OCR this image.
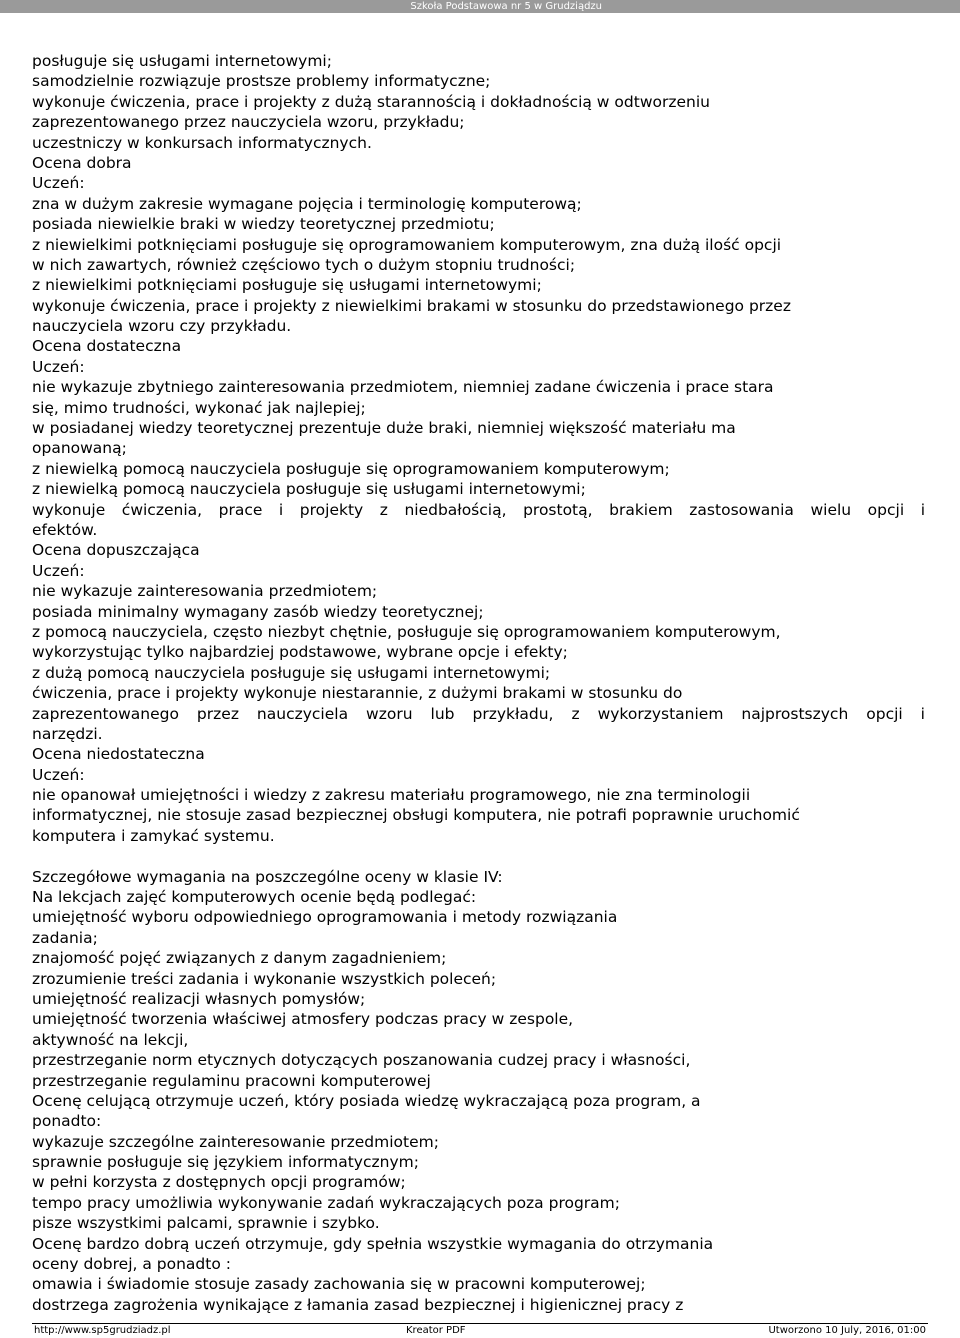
Szkoła Podstawowa nr 5 w Grudziądzu
posługuje się usługami internetowymi;
samodzielnie rozwiązuje prostsze problemy informatyczne;
wykonuje ćwiczenia, prace i projekty z dużą starannością i dokładnością w odtworzeniu
zaprezentowanego przez nauczyciela wzoru, przykładu;
uczestniczy w konkursach informatycznych.
Ocena dobra
Uczeń:
zna w dużym zakresie wymagane pojęcia i terminologię komputerową;
posiada niewielkie braki w wiedzy teoretycznej przedmiotu;
z niewielkimi potknięciami posługuje się oprogramowaniem komputerowym, zna dużą ilość opcji
w nich zawartych, również częściowo tych o dużym stopniu trudności;
z niewielkimi potknięciami posługuje się usługami internetowymi;
wykonuje ćwiczenia, prace i projekty z niewielkimi brakami w stosunku do przedstawionego przez
nauczyciela wzoru czy przykładu.
Ocena dostateczna
Uczeń:
nie wykazuje zbytniego zainteresowania przedmiotem, niemniej zadane ćwiczenia i prace stara
się, mimo trudności, wykonać jak najlepiej;
w posiadanej wiedzy teoretycznej prezentuje duże braki, niemniej większość materiału ma
opanowaną;
z niewielką pomocą nauczyciela posługuje się oprogramowaniem komputerowym;
z niewielką pomocą nauczyciela posługuje się usługami internetowymi;
wykonuje ćwiczenia, prace i projekty z niedbałością, prostotą, brakiem zastosowania wielu opcji i
efektów.
Ocena dopuszczająca
Uczeń:
nie wykazuje zainteresowania przedmiotem;
posiada minimalny wymagany zasób wiedzy teoretycznej;
z pomocą nauczyciela, często niezbyt chętnie, posługuje się oprogramowaniem komputerowym,
wykorzystując tylko najbardziej podstawowe, wybrane opcje i efekty;
z dużą pomocą nauczyciela posługuje się usługami internetowymi;
ćwiczenia, prace i projekty wykonuje niestarannie, z dużymi brakami w stosunku do
zaprezentowanego przez nauczyciela wzoru lub przykładu, z wykorzystaniem najprostszych opcji i
narzędzi.
Ocena niedostateczna
Uczeń:
nie opanował umiejętności i wiedzy z zakresu materiału programowego, nie zna terminologii
informatycznej, nie stosuje zasad bezpiecznej obsługi komputera, nie potrafi poprawnie uruchomić
komputera i zamykać systemu.
Szczegółowe wymagania na poszczególne oceny w klasie IV:
Na lekcjach zajęć komputerowych ocenie będą podlegać:
umiejętność wyboru odpowiedniego oprogramowania i metody rozwiązania
zadania;
znajomość pojęć związanych z danym zagadnieniem;
zrozumienie treści zadania i wykonanie wszystkich poleceń;
umiejętność realizacji własnych pomysłów;
umiejętność tworzenia właściwej atmosfery podczas pracy w zespole,
aktywność na lekcji,
przestrzeganie norm etycznych dotyczących poszanowania cudzej pracy i własności,
przestrzeganie regulaminu pracowni komputerowej
Ocenę celującą otrzymuje uczeń, który posiada wiedzę wykraczającą poza program, a
ponadto:
wykazuje szczególne zainteresowanie przedmiotem;
sprawnie posługuje się językiem informatycznym;
w pełni korzysta z dostępnych opcji programów;
tempo pracy umożliwia wykonywanie zadań wykraczających poza program;
pisze wszystkimi palcami, sprawnie i szybko.
Ocenę bardzo dobrą uczeń otrzymuje, gdy spełnia wszystkie wymagania do otrzymania
oceny dobrej, a ponadto :
omawia i świadomie stosuje zasady zachowania się w pracowni komputerowej;
dostrzega zagrożenia wynikające z łamania zasad bezpiecznej i higienicznej pracy z
http://www.sp5grudziadz.pl	Kreator PDF	Utworzono 10 July, 2016, 01:00
